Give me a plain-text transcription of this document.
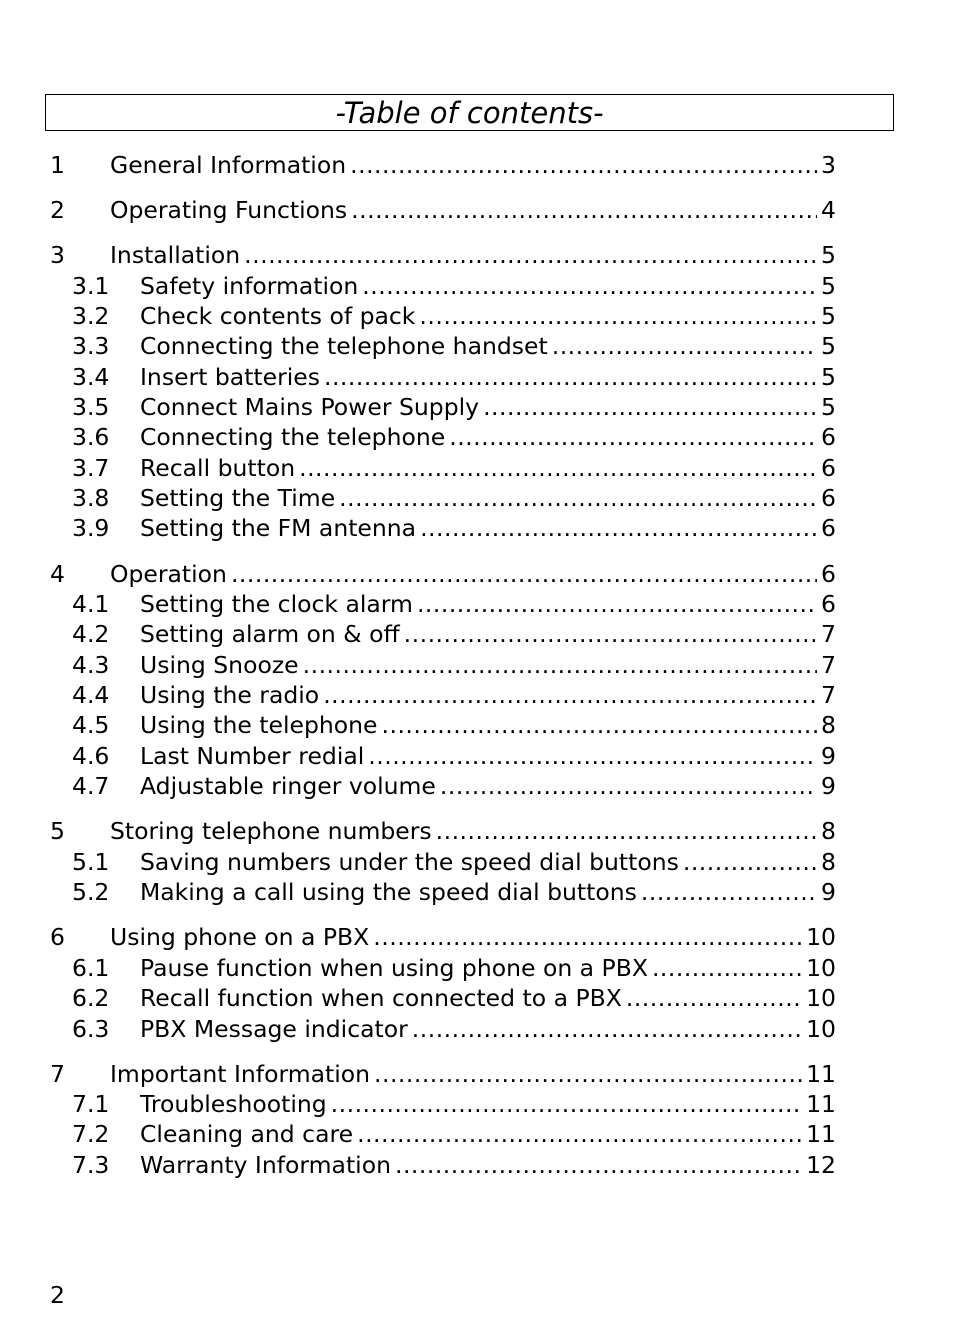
-Table of contents-
1	General Information .....	3
2	Operating Functions .....	4
3	Installation .....	5
3.1	Safety information .....	5
3.2	Check contents of pack .....	5
3.3	Connecting the telephone handset .....	5
3.4	Insert batteries .....	5
3.5	Connect Mains Power Supply .....	5
3.6	Connecting the telephone .....	6
3.7	Recall button .....	6
3.8	Setting the Time .....	6
3.9	Setting the FM antenna .....	6
4	Operation .....	6
4.1	Setting the clock alarm .....	6
4.2	Setting alarm on & off .....	7
4.3	Using Snooze .....	7
4.4	Using the radio .....	7
4.5	Using the telephone .....	8
4.6	Last Number redial .....	9
4.7	Adjustable ringer volume .....	9
5	Storing telephone numbers .....	8
5.1	Saving numbers under the speed dial buttons .....	8
5.2	Making a call using the speed dial buttons .....	9
6	Using phone on a PBX .....	10
6.1	Pause function when using phone on a PBX .....	10
6.2	Recall function when connected to a PBX .....	10
6.3	PBX Message indicator .....	10
7	Important Information .....	11
7.1	Troubleshooting .....	11
7.2	Cleaning and care .....	11
7.3	Warranty Information .....	12
2
